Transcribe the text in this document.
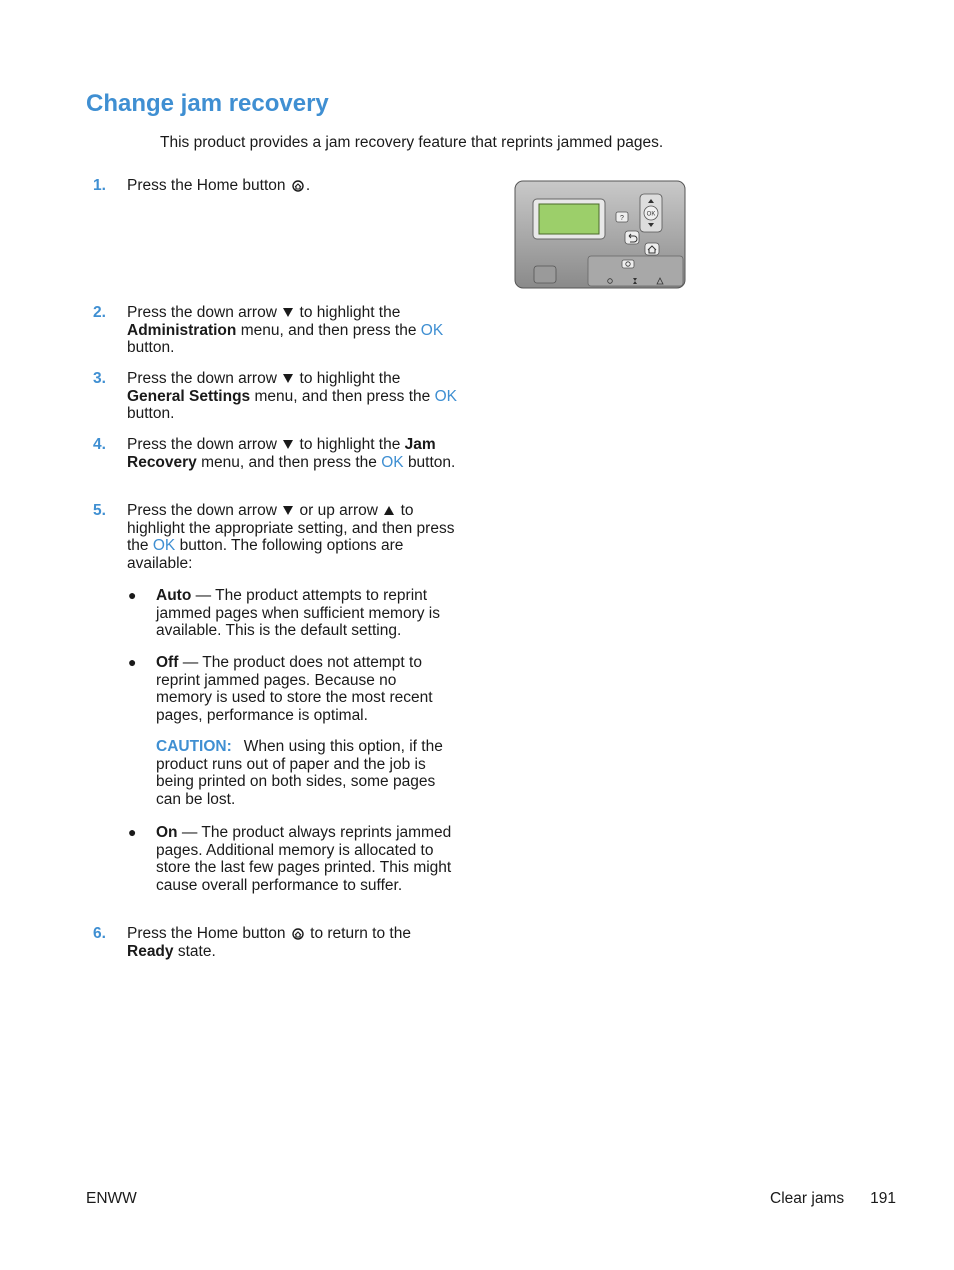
Change jam recovery

This product provides a jam recovery feature that reprints jammed pages.

1. Press the Home button .
?
OK
2. Press the down arrow to highlight the Administration menu, and then press the OK button.
3. Press the down arrow to highlight the General Settings menu, and then press the OK button.
4. Press the down arrow to highlight the Jam Recovery menu, and then press the OK button.
5. Press the down arrow or up arrow to highlight the appropriate setting, and then press the OK button. The following options are available:
● Auto — The product attempts to reprint jammed pages when sufficient memory is available. This is the default setting.
● Off — The product does not attempt to reprint jammed pages. Because no memory is used to store the most recent pages, performance is optimal.
CAUTION: When using this option, if the product runs out of paper and the job is being printed on both sides, some pages can be lost.
● On — The product always reprints jammed pages. Additional memory is allocated to store the last few pages printed. This might cause overall performance to suffer.
6. Press the Home button to return to the Ready state.
ENWW	Clear jams 191
